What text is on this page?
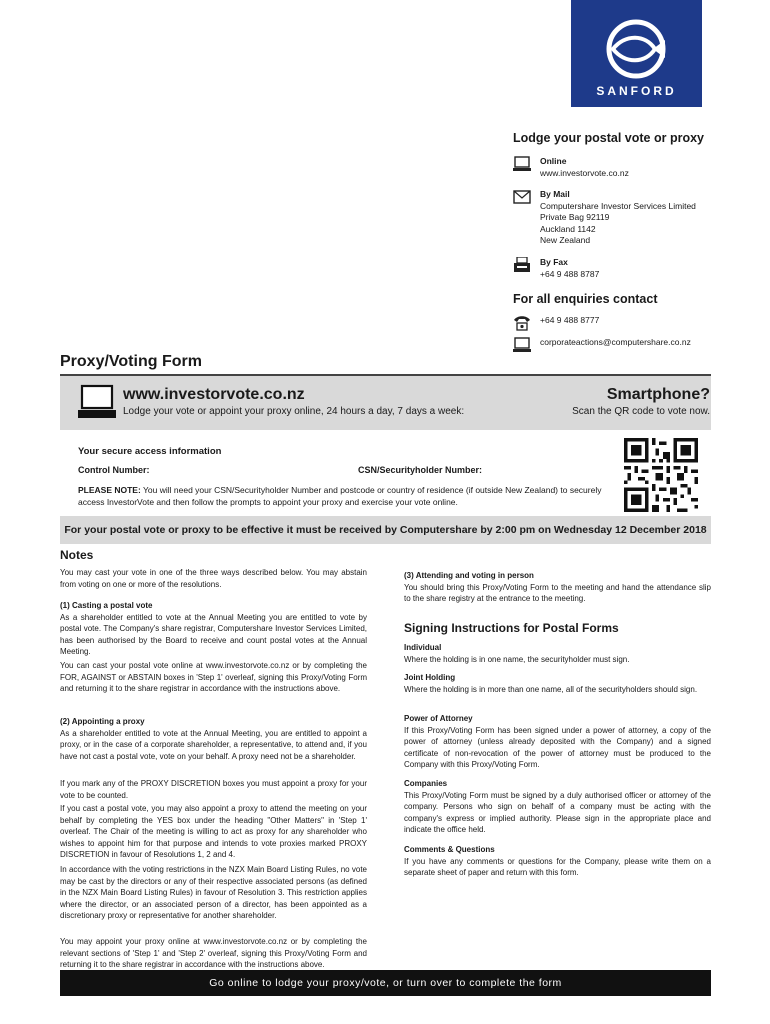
SANFORD
Lodge your postal vote or proxy
Online
www.investorvote.co.nz
By Mail
Computershare Investor Services Limited
Private Bag 92119
Auckland 1142
New Zealand
By Fax
+64 9 488 8787
For all enquiries contact
+64 9 488 8777
corporateactions@computershare.co.nz
Proxy/Voting Form
www.investorvote.co.nz
Lodge your vote or appoint your proxy online, 24 hours a day, 7 days a week:
Smartphone?
Scan the QR code to vote now.
Your secure access information
Control Number:	CSN/Securityholder Number:
PLEASE NOTE: You will need your CSN/Securityholder Number and postcode or country of residence (if outside New Zealand) to securely access InvestorVote and then follow the prompts to appoint your proxy and exercise your vote online.
For your postal vote or proxy to be effective it must be received by Computershare by 2:00 pm on Wednesday 12 December 2018
Notes
You may cast your vote in one of the three ways described below. You may abstain from voting on one or more of the resolutions.
(1) Casting a postal vote
As a shareholder entitled to vote at the Annual Meeting you are entitled to vote by postal vote. The Company's share registrar, Computershare Investor Services Limited, has been authorised by the Board to receive and count postal votes at the Annual Meeting.
You can cast your postal vote online at www.investorvote.co.nz or by completing the FOR, AGAINST or ABSTAIN boxes in 'Step 1' overleaf, signing this Proxy/Voting Form and returning it to the share registrar in accordance with the instructions above.
(2) Appointing a proxy
As a shareholder entitled to vote at the Annual Meeting, you are entitled to appoint a proxy, or in the case of a corporate shareholder, a representative, to attend and, if you have not cast a postal vote, vote on your behalf. A proxy need not be a shareholder.
If you mark any of the PROXY DISCRETION boxes you must appoint a proxy for your vote to be counted.
If you cast a postal vote, you may also appoint a proxy to attend the meeting on your behalf by completing the YES box under the heading "Other Matters" in 'Step 1' overleaf. The Chair of the meeting is willing to act as proxy for any shareholder who wishes to appoint him for that purpose and intends to vote proxies marked PROXY DISCRETION in favour of Resolutions 1, 2 and 4.
In accordance with the voting restrictions in the NZX Main Board Listing Rules, no vote may be cast by the directors or any of their respective associated persons (as defined in the NZX Main Board Listing Rules) in favour of Resolution 3. This restriction applies where the director, or an associated person of a director, has been appointed as a discretionary proxy or representative for another shareholder.
You may appoint your proxy online at www.investorvote.co.nz or by completing the relevant sections of 'Step 1' and 'Step 2' overleaf, signing this Proxy/Voting Form and returning it to the share registrar in accordance with the instructions above.
(3) Attending and voting in person
You should bring this Proxy/Voting Form to the meeting and hand the attendance slip to the share registry at the entrance to the meeting.
Signing Instructions for Postal Forms
Individual
Where the holding is in one name, the securityholder must sign.
Joint Holding
Where the holding is in more than one name, all of the securityholders should sign.
Power of Attorney
If this Proxy/Voting Form has been signed under a power of attorney, a copy of the power of attorney (unless already deposited with the Company) and a signed certificate of non-revocation of the power of attorney must be produced to the Company with this Proxy/Voting Form.
Companies
This Proxy/Voting Form must be signed by a duly authorised officer or attorney of the company. Persons who sign on behalf of a company must be acting with the company's express or implied authority. Please sign in the appropriate place and indicate the office held.
Comments & Questions
If you have any comments or questions for the Company, please write them on a separate sheet of paper and return with this form.
Go online to lodge your proxy/vote, or turn over to complete the form
